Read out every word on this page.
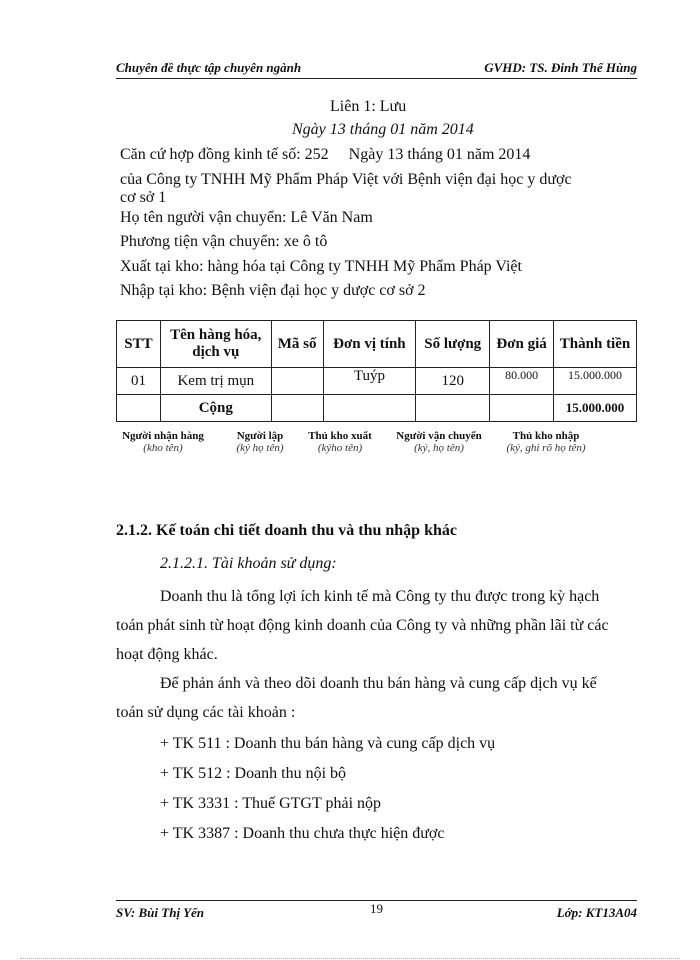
Chuyên đề thực tập chuyên ngành	GVHD: TS. Đinh Thế Hùng
Liên 1: Lưu
Ngày 13 tháng 01 năm 2014
Căn cứ hợp đồng kinh tế số: 252     Ngày 13 tháng 01 năm 2014
của Công ty TNHH Mỹ Phẩm Pháp Việt với Bệnh viện đại học y dược
cơ sở 1
Họ tên người vận chuyển: Lê Văn Nam
Phương tiện vận chuyển: xe ô tô
Xuất tại kho: hàng hóa tại Công ty TNHH Mỹ Phẩm Pháp Việt
Nhập tại kho: Bệnh viện đại học y dược cơ sở 2
STT	Tên hàng hóa, dịch vụ	Mã số	Đơn vị tính	Số lượng	Đơn giá	Thành tiền
01	Kem trị mụn		Tuýp	120	80.000	15.000.000
	Cộng					15.000.000
Người nhận hàng
(kho tên)
Người lập
(ký họ tên)
Thủ kho xuất
(kýho tên)
Người vận chuyển
(ký, họ tên)
Thủ kho nhập
(ký, ghi rõ họ tên)
2.1.2. Kế toán chi tiết doanh thu và thu nhập khác
2.1.2.1. Tài khoản sử dụng:
Doanh thu là tổng lợi ích kinh tế mà Công ty thu được trong kỳ hạch
toán phát sinh từ hoạt động kinh doanh của Công ty và những phần lãi từ các
hoạt động khác.
Để phản ánh và theo dõi doanh thu bán hàng và cung cấp dịch vụ kế
toán sử dụng các tài khoản :
+ TK 511 : Doanh thu bán hàng và cung cấp dịch vụ
+ TK 512 : Doanh thu nội bộ
+ TK 3331 : Thuế GTGT phải nộp
+ TK 3387 : Doanh thu chưa thực hiện được
SV: Bùi Thị Yến	19	Lớp: KT13A04
